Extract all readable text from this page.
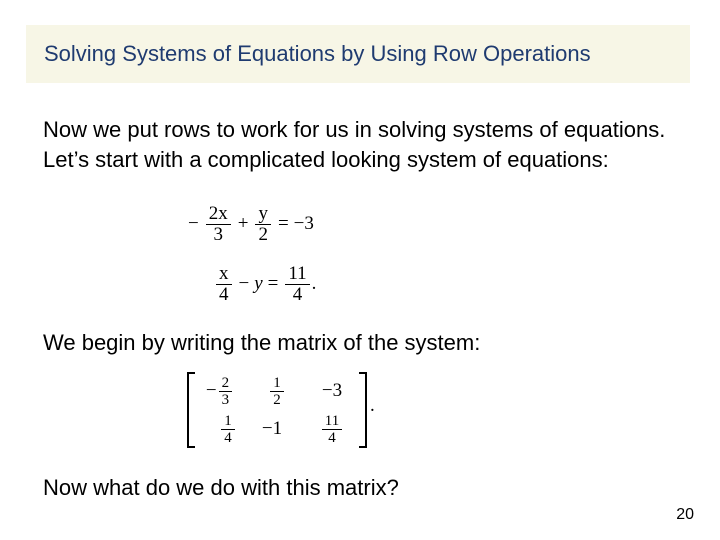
Solving Systems of Equations by Using Row Operations

Now we put rows to work for us in solving systems of equations. Let’s start with a complicated looking system of equations:

− $\frac{2x}{3} + \frac{y}{2} = -3$
$\frac{x}{4} - y = \frac{11}{4}$ .

We begin by writing the matrix of the system:

− $\frac{2}{3}$	$\frac{1}{2}$	−3
$\frac{1}{4}$	−1	$\frac{11}{4}$
.

Now what do we do with this matrix?

20
